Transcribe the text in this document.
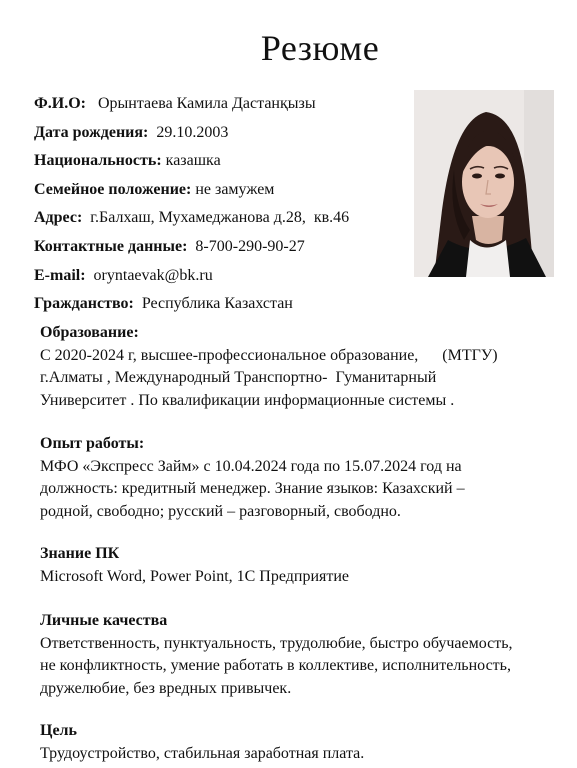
Резюме
Ф.И.О: Орынтаева Камила Дастанқызы
Дата рождения: 29.10.2003
Национальность: казашка
Семейное положение: не замужем
Адрес: г.Балхаш, Мухамеджанова д.28,  кв.46
Контактные данные: 8-700-290-90-27
E-mail: oryntaevak@bk.ru
Гражданство: Республика Казахстан
Образование:
С 2020-2024 г, высшее-профессиональное образование,      (МТГУ)
г.Алматы , Международный Транспортно-  Гуманитарный
Университет . По квалификации информационные системы .
Опыт работы:
МФО «Экспресс Займ» с 10.04.2024 года по 15.07.2024 год на
должность: кредитный менеджер. Знание языков: Казахский –
родной, свободно; русский – разговорный, свободно.
Знание ПК
Microsoft Word, Power Point, 1С Предприятие
Личные качества
Ответственность, пунктуальность, трудолюбие, быстро обучаемость,
не конфликтность, умение работать в коллективе, исполнительность,
дружелюбие, без вредных привычек.
Цель
Трудоустройство, стабильная заработная плата.
